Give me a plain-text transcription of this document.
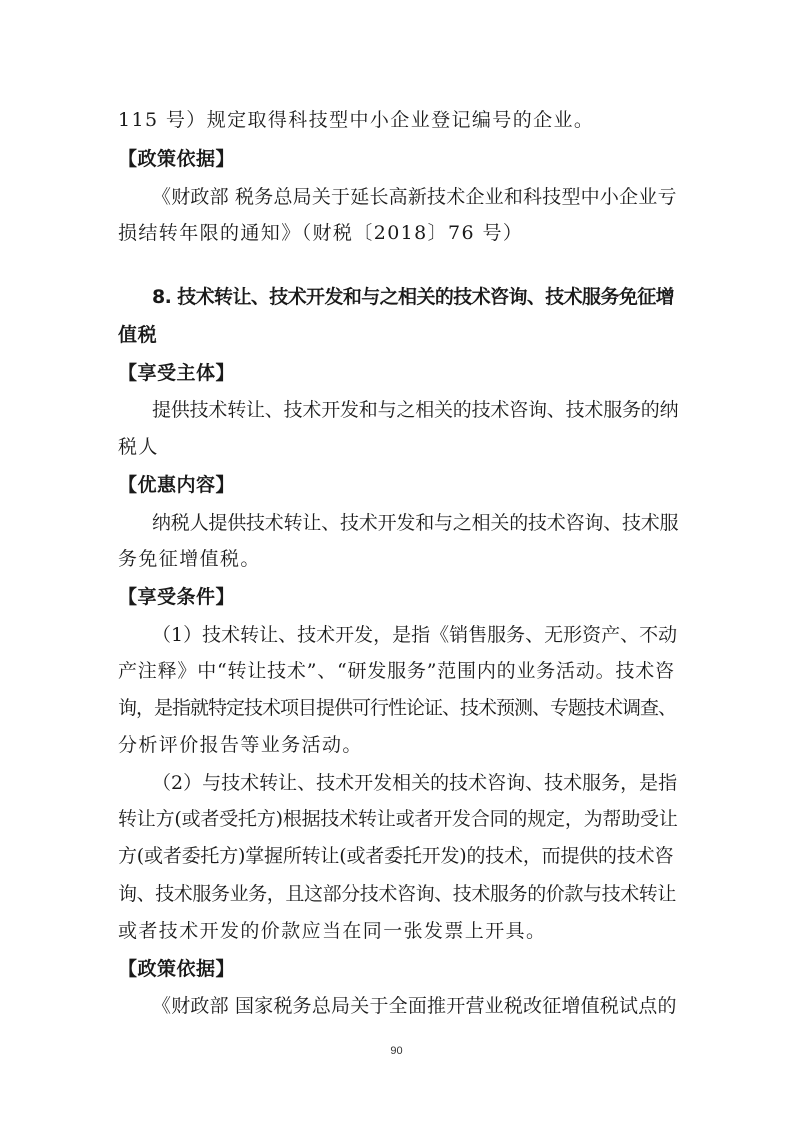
115 号）规定取得科技型中小企业登记编号的企业。
【政策依据】
《财政部 税务总局关于延长高新技术企业和科技型中小企业亏
损结转年限的通知》（财税〔2018〕76 号）
8. 技术转让、技术开发和与之相关的技术咨询、技术服务免征增
值税
【享受主体】
提供技术转让、技术开发和与之相关的技术咨询、技术服务的纳
税人
【优惠内容】
纳税人提供技术转让、技术开发和与之相关的技术咨询、技术服
务免征增值税。
【享受条件】
（1）技术转让、技术开发，是指《销售服务、无形资产、不动
产注释》中“转让技术”、“研发服务”范围内的业务活动。技术咨
询，是指就特定技术项目提供可行性论证、技术预测、专题技术调查、
分析评价报告等业务活动。
（2）与技术转让、技术开发相关的技术咨询、技术服务，是指
转让方(或者受托方)根据技术转让或者开发合同的规定，为帮助受让
方(或者委托方)掌握所转让(或者委托开发)的技术，而提供的技术咨
询、技术服务业务，且这部分技术咨询、技术服务的价款与技术转让
或者技术开发的价款应当在同一张发票上开具。
【政策依据】
《财政部 国家税务总局关于全面推开营业税改征增值税试点的
90
